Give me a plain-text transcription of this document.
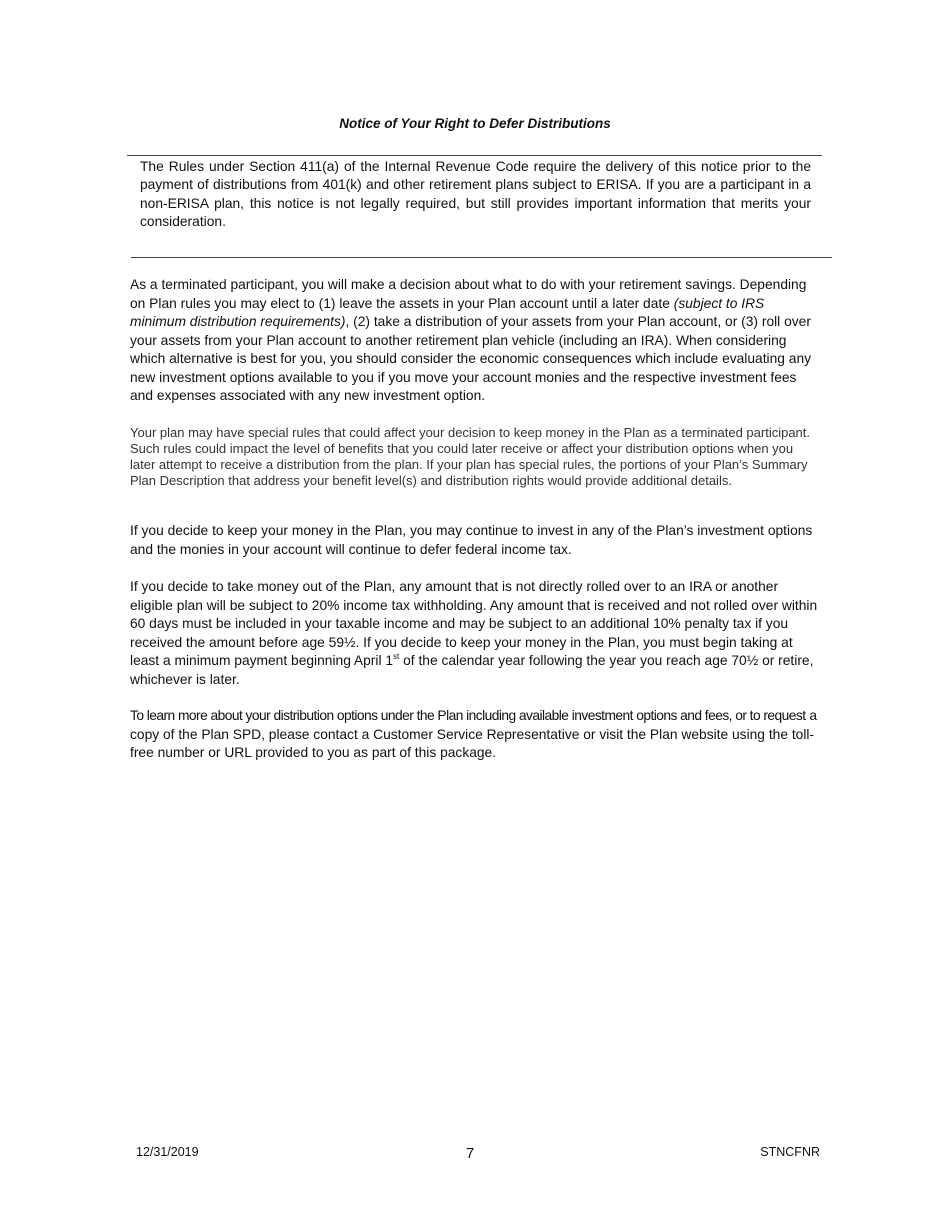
Notice of Your Right to Defer Distributions
The Rules under Section 411(a) of the Internal Revenue Code require the delivery of this notice prior to the payment of distributions from 401(k) and other retirement plans subject to ERISA. If you are a participant in a non-ERISA plan, this notice is not legally required, but still provides important information that merits your consideration.

As a terminated participant, you will make a decision about what to do with your retirement savings. Depending on Plan rules you may elect to (1) leave the assets in your Plan account until a later date (subject to IRS minimum distribution requirements), (2) take a distribution of your assets from your Plan account, or (3) roll over your assets from your Plan account to another retirement plan vehicle (including an IRA). When considering which alternative is best for you, you should consider the economic consequences which include evaluating any new investment options available to you if you move your account monies and the respective investment fees and expenses associated with any new investment option.

Your plan may have special rules that could affect your decision to keep money in the Plan as a terminated participant. Such rules could impact the level of benefits that you could later receive or affect your distribution options when you later attempt to receive a distribution from the plan. If your plan has special rules, the portions of your Plan’s Summary Plan Description that address your benefit level(s) and distribution rights would provide additional details.

If you decide to keep your money in the Plan, you may continue to invest in any of the Plan’s investment options and the monies in your account will continue to defer federal income tax.

If you decide to take money out of the Plan, any amount that is not directly rolled over to an IRA or another eligible plan will be subject to 20% income tax withholding. Any amount that is received and not rolled over within 60 days must be included in your taxable income and may be subject to an additional 10% penalty tax if you received the amount before age 59½. If you decide to keep your money in the Plan, you must begin taking at least a minimum payment beginning April 1st of the calendar year following the year you reach age 70½ or retire, whichever is later.

To learn more about your distribution options under the Plan including available investment options and fees, or to request a copy of the Plan SPD, please contact a Customer Service Representative or visit the Plan website using the toll-free number or URL provided to you as part of this package.

12/31/2019	7	STNCFNR
